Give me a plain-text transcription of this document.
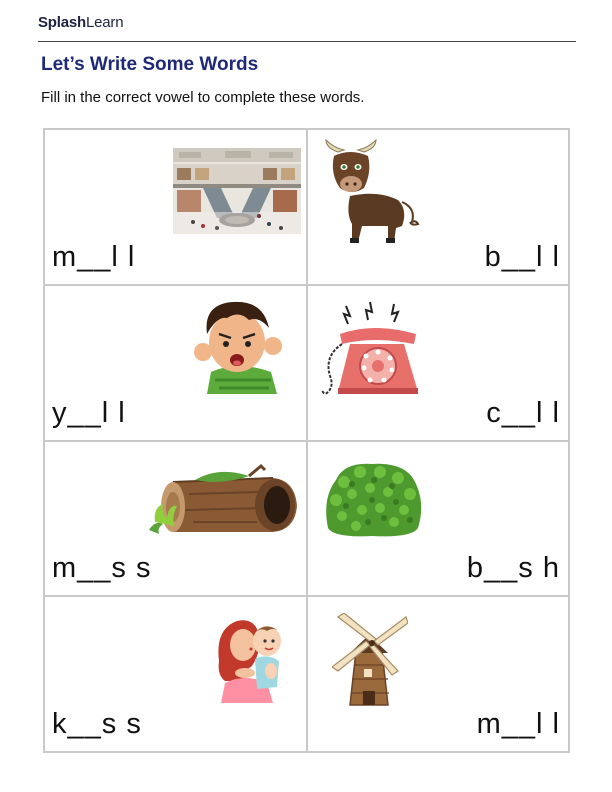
SplashLearn
Let’s Write Some Words
Fill in the correct vowel to complete these words.
m__l l	b__l l
y__l l	c__l l
m__s s	b__s h
k__s s	m__l l
